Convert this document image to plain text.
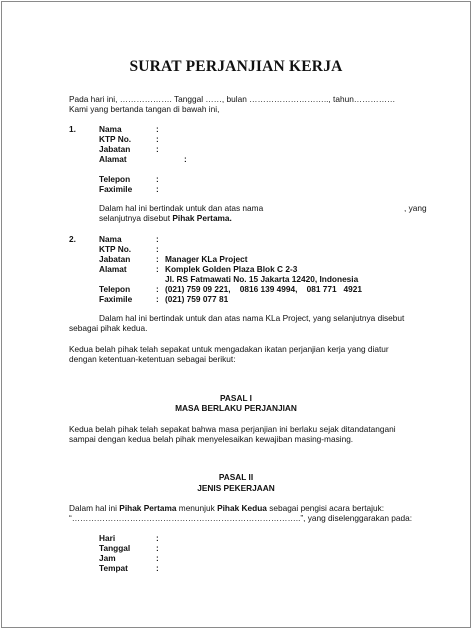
SURAT PERJANJIAN KERJA
Pada hari ini, ………………. Tanggal ……, bulan ……………………….., tahun……………
Kami yang bertanda tangan di bawah ini,
1.	Nama	:
KTP No.	:
Jabatan	:
Alamat	:
Telepon	:
Faximile	:
Dalam hal ini bertindak untuk dan atas nama	, yang
selanjutnya disebut Pihak Pertama.
2.	Nama	:
KTP No.	:
Jabatan	: Manager KLa Project
Alamat	: Komplek Golden Plaza Blok C 2-3
Jl. RS Fatmawati No. 15 Jakarta 12420, Indonesia
Telepon	: (021) 759 09 221,    0816 139 4994,    081 771   4921
Faximile	: (021) 759 077 81
Dalam hal ini bertindak untuk dan atas nama KLa Project, yang selanjutnya disebut
sebagai pihak kedua.
Kedua belah pihak telah sepakat untuk mengadakan ikatan perjanjian kerja yang diatur
dengan ketentuan-ketentuan sebagai berikut:
PASAL I
MASA BERLAKU PERJANJIAN
Kedua belah pihak telah sepakat bahwa masa perjanjian ini berlaku sejak ditandatangani
sampai dengan kedua belah pihak menyelesaikan kewajiban masing-masing.
PASAL II
JENIS PEKERJAAN
Dalam hal ini Pihak Pertama menunjuk Pihak Kedua sebagai pengisi acara bertajuk:
“………………………………………………………………………..”, yang diselenggarakan pada:
Hari	:
Tanggal	:
Jam	:
Tempat	:
